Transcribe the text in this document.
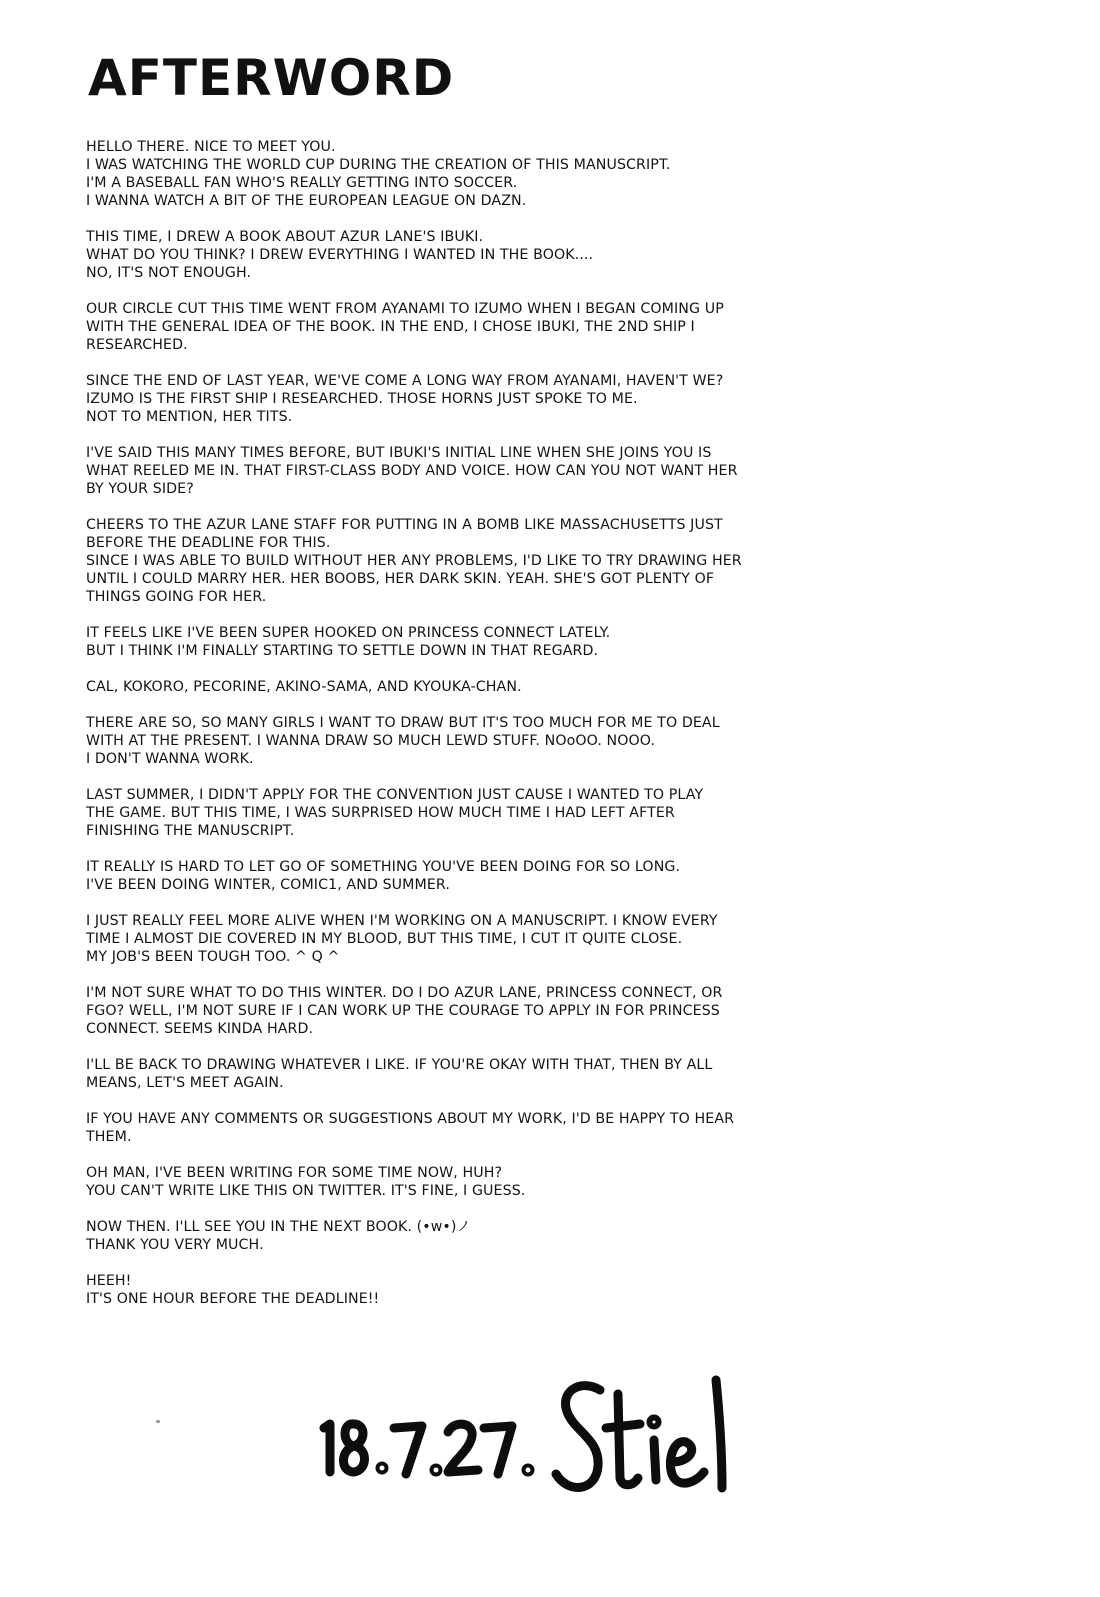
AFTERWORD
HELLO THERE. NICE TO MEET YOU.
I WAS WATCHING THE WORLD CUP DURING THE CREATION OF THIS MANUSCRIPT.
I'M A BASEBALL FAN WHO'S REALLY GETTING INTO SOCCER.
I WANNA WATCH A BIT OF THE EUROPEAN LEAGUE ON DAZN.
THIS TIME, I DREW A BOOK ABOUT AZUR LANE'S IBUKI.
WHAT DO YOU THINK? I DREW EVERYTHING I WANTED IN THE BOOK....
NO, IT'S NOT ENOUGH.
OUR CIRCLE CUT THIS TIME WENT FROM AYANAMI TO IZUMO WHEN I BEGAN COMING UP
WITH THE GENERAL IDEA OF THE BOOK. IN THE END, I CHOSE IBUKI, THE 2ND SHIP I
RESEARCHED.
SINCE THE END OF LAST YEAR, WE'VE COME A LONG WAY FROM AYANAMI, HAVEN'T WE?
IZUMO IS THE FIRST SHIP I RESEARCHED. THOSE HORNS JUST SPOKE TO ME.
NOT TO MENTION, HER TITS.
I'VE SAID THIS MANY TIMES BEFORE, BUT IBUKI'S INITIAL LINE WHEN SHE JOINS YOU IS
WHAT REELED ME IN. THAT FIRST-CLASS BODY AND VOICE. HOW CAN YOU NOT WANT HER
BY YOUR SIDE?
CHEERS TO THE AZUR LANE STAFF FOR PUTTING IN A BOMB LIKE MASSACHUSETTS JUST
BEFORE THE DEADLINE FOR THIS.
SINCE I WAS ABLE TO BUILD WITHOUT HER ANY PROBLEMS, I'D LIKE TO TRY DRAWING HER
UNTIL I COULD MARRY HER. HER BOOBS, HER DARK SKIN. YEAH. SHE'S GOT PLENTY OF
THINGS GOING FOR HER.
IT FEELS LIKE I'VE BEEN SUPER HOOKED ON PRINCESS CONNECT LATELY.
BUT I THINK I'M FINALLY STARTING TO SETTLE DOWN IN THAT REGARD.
CAL, KOKORO, PECORINE, AKINO-SAMA, AND KYOUKA-CHAN.
THERE ARE SO, SO MANY GIRLS I WANT TO DRAW BUT IT'S TOO MUCH FOR ME TO DEAL
WITH AT THE PRESENT. I WANNA DRAW SO MUCH LEWD STUFF. NOoOO. NOOO.
I DON'T WANNA WORK.
LAST SUMMER, I DIDN'T APPLY FOR THE CONVENTION JUST CAUSE I WANTED TO PLAY
THE GAME. BUT THIS TIME, I WAS SURPRISED HOW MUCH TIME I HAD LEFT AFTER
FINISHING THE MANUSCRIPT.
IT REALLY IS HARD TO LET GO OF SOMETHING YOU'VE BEEN DOING FOR SO LONG.
I'VE BEEN DOING WINTER, COMIC1, AND SUMMER.
I JUST REALLY FEEL MORE ALIVE WHEN I'M WORKING ON A MANUSCRIPT. I KNOW EVERY
TIME I ALMOST DIE COVERED IN MY BLOOD, BUT THIS TIME, I CUT IT QUITE CLOSE.
MY JOB'S BEEN TOUGH TOO. ^ Q ^
I'M NOT SURE WHAT TO DO THIS WINTER. DO I DO AZUR LANE, PRINCESS CONNECT, OR
FGO? WELL, I'M NOT SURE IF I CAN WORK UP THE COURAGE TO APPLY IN FOR PRINCESS
CONNECT. SEEMS KINDA HARD.
I'LL BE BACK TO DRAWING WHATEVER I LIKE. IF YOU'RE OKAY WITH THAT, THEN BY ALL
MEANS, LET'S MEET AGAIN.
IF YOU HAVE ANY COMMENTS OR SUGGESTIONS ABOUT MY WORK, I'D BE HAPPY TO HEAR
THEM.
OH MAN, I'VE BEEN WRITING FOR SOME TIME NOW, HUH?
YOU CAN'T WRITE LIKE THIS ON TWITTER. IT'S FINE, I GUESS.
NOW THEN. I'LL SEE YOU IN THE NEXT BOOK. (•w•)ノ
THANK YOU VERY MUCH.
HEEH!
IT'S ONE HOUR BEFORE THE DEADLINE!!
